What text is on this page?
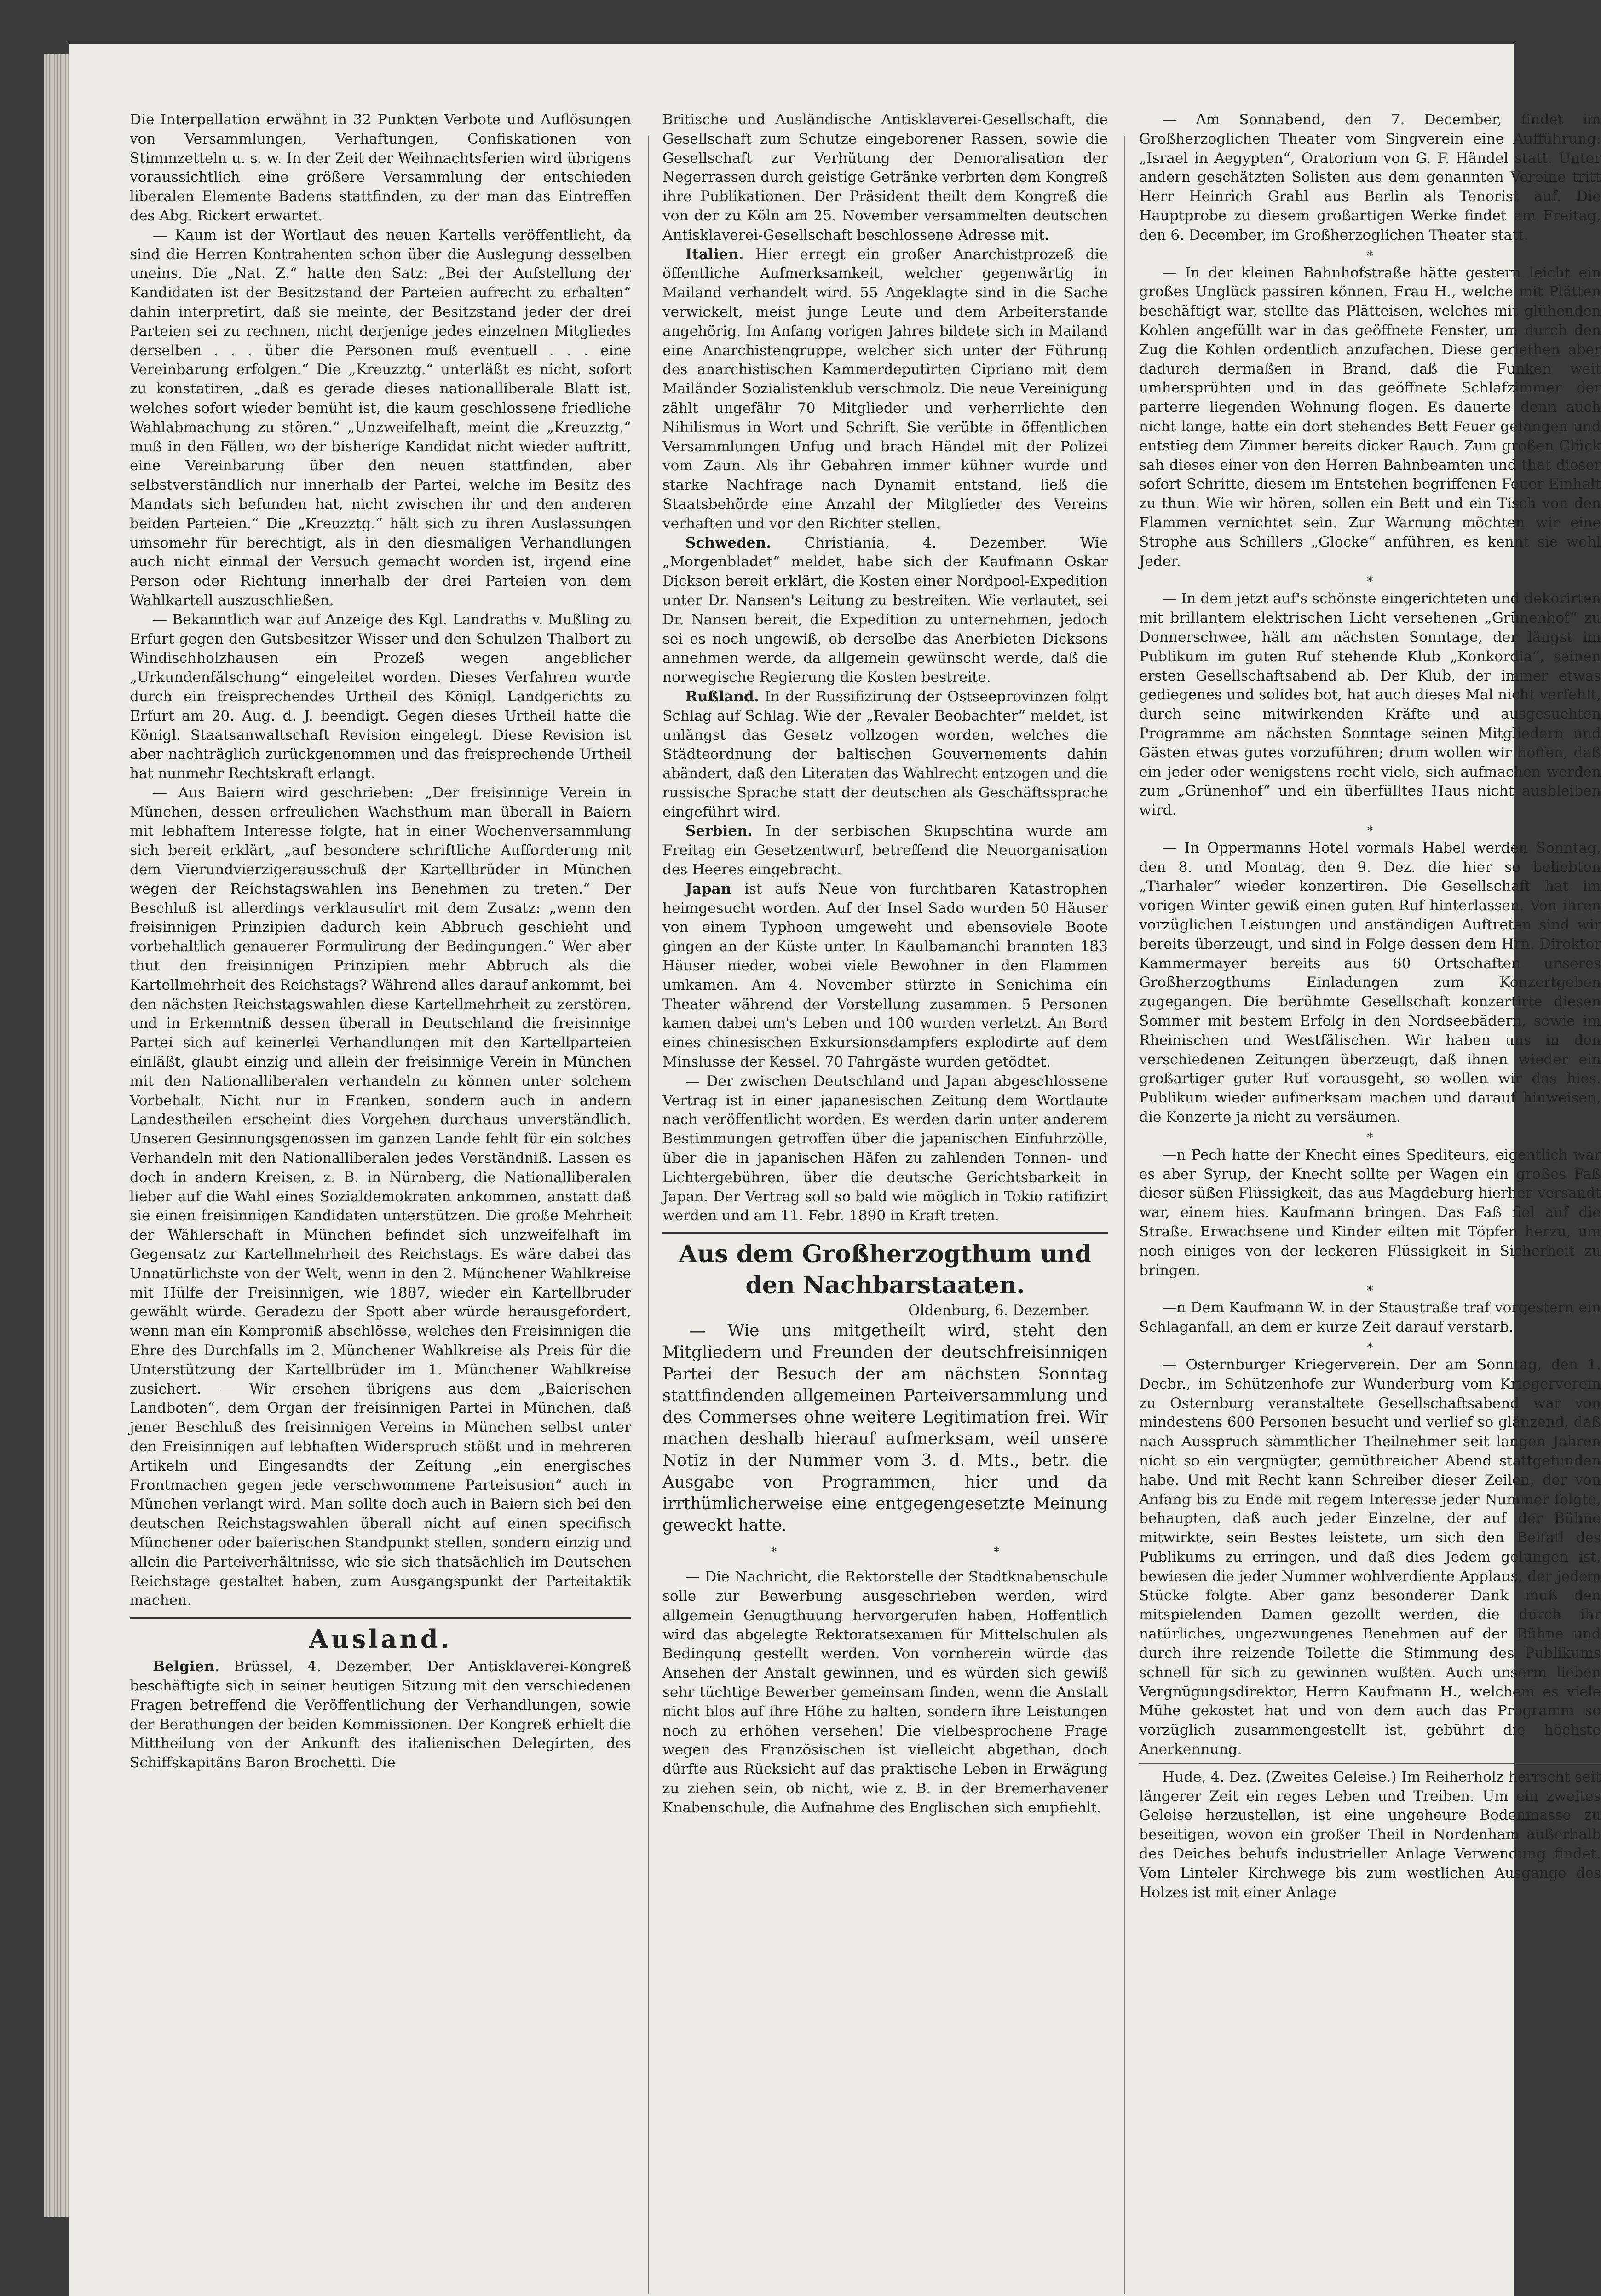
Die Interpellation erwähnt in 32 Punkten Verbote und Auflösungen von Versammlungen, Verhaftungen, Confiskationen von Stimmzetteln u. s. w. In der Zeit der Weihnachtsferien wird übrigens voraussichtlich eine größere Versammlung der entschieden liberalen Elemente Badens stattfinden, zu der man das Eintreffen des Abg. Rickert erwartet.

— Kaum ist der Wortlaut des neuen Kartells veröffentlicht, da sind die Herren Kontrahenten schon über die Auslegung desselben uneins. Die „Nat. Z.“ hatte den Satz: „Bei der Aufstellung der Kandidaten ist der Besitzstand der Parteien aufrecht zu erhalten“ dahin interpretirt, daß sie meinte, der Besitzstand jeder der drei Parteien sei zu rechnen, nicht derjenige jedes einzelnen Mitgliedes derselben . . . über die Personen muß eventuell . . . eine Vereinbarung erfolgen.“ Die „Kreuzztg.“ unterläßt es nicht, sofort zu konstatiren, „daß es gerade dieses nationalliberale Blatt ist, welches sofort wieder bemüht ist, die kaum geschlossene friedliche Wahlabmachung zu stören.“ „Unzweifelhaft, meint die „Kreuzztg.“ muß in den Fällen, wo der bisherige Kandidat nicht wieder auftritt, eine Vereinbarung über den neuen stattfinden, aber selbstverständlich nur innerhalb der Partei, welche im Besitz des Mandats sich befunden hat, nicht zwischen ihr und den anderen beiden Parteien.“ Die „Kreuzztg.“ hält sich zu ihren Auslassungen umsomehr für berechtigt, als in den diesmaligen Verhandlungen auch nicht einmal der Versuch gemacht worden ist, irgend eine Person oder Richtung innerhalb der drei Parteien von dem Wahlkartell auszuschließen.

— Bekanntlich war auf Anzeige des Kgl. Landraths v. Mußling zu Erfurt gegen den Gutsbesitzer Wisser und den Schulzen Thalbort zu Windischholzhausen ein Prozeß wegen angeblicher „Urkundenfälschung“ eingeleitet worden. Dieses Verfahren wurde durch ein freisprechendes Urtheil des Königl. Landgerichts zu Erfurt am 20. Aug. d. J. beendigt. Gegen dieses Urtheil hatte die Königl. Staatsanwaltschaft Revision eingelegt. Diese Revision ist aber nachträglich zurückgenommen und das freisprechende Urtheil hat nunmehr Rechtskraft erlangt.

— Aus Baiern wird geschrieben: „Der freisinnige Verein in München, dessen erfreulichen Wachsthum man überall in Baiern mit lebhaftem Interesse folgte, hat in einer Wochenversammlung sich bereit erklärt, „auf besondere schriftliche Aufforderung mit dem Vierundvierzigerausschuß der Kartellbrüder in München wegen der Reichstagswahlen ins Benehmen zu treten.“ Der Beschluß ist allerdings verklausulirt mit dem Zusatz: „wenn den freisinnigen Prinzipien dadurch kein Abbruch geschieht und vorbehaltlich genauerer Formulirung der Bedingungen.“ Wer aber thut den freisinnigen Prinzipien mehr Abbruch als die Kartellmehrheit des Reichstags? Während alles darauf ankommt, bei den nächsten Reichstagswahlen diese Kartellmehrheit zu zerstören, und in Erkenntniß dessen überall in Deutschland die freisinnige Partei sich auf keinerlei Verhandlungen mit den Kartellparteien einläßt, glaubt einzig und allein der freisinnige Verein in München mit den Nationalliberalen verhandeln zu können unter solchem Vorbehalt. Nicht nur in Franken, sondern auch in andern Landestheilen erscheint dies Vorgehen durchaus unverständlich. Unseren Gesinnungsgenossen im ganzen Lande fehlt für ein solches Verhandeln mit den Nationalliberalen jedes Verständniß. Lassen es doch in andern Kreisen, z. B. in Nürnberg, die Nationalliberalen lieber auf die Wahl eines Sozialdemokraten ankommen, anstatt daß sie einen freisinnigen Kandidaten unterstützen. Die große Mehrheit der Wählerschaft in München befindet sich unzweifelhaft im Gegensatz zur Kartellmehrheit des Reichstags. Es wäre dabei das Unnatürlichste von der Welt, wenn in den 2. Münchener Wahlkreise mit Hülfe der Freisinnigen, wie 1887, wieder ein Kartellbruder gewählt würde. Geradezu der Spott aber würde herausgefordert, wenn man ein Kompromiß abschlösse, welches den Freisinnigen die Ehre des Durchfalls im 2. Münchener Wahlkreise als Preis für die Unterstützung der Kartellbrüder im 1. Münchener Wahlkreise zusichert. — Wir ersehen übrigens aus dem „Baierischen Landboten“, dem Organ der freisinnigen Partei in München, daß jener Beschluß des freisinnigen Vereins in München selbst unter den Freisinnigen auf lebhaften Widerspruch stößt und in mehreren Artikeln und Eingesandts der Zeitung „ein energisches Frontmachen gegen jede verschwommene Parteisusion“ auch in München verlangt wird. Man sollte doch auch in Baiern sich bei den deutschen Reichstagswahlen überall nicht auf einen specifisch Münchener oder baierischen Standpunkt stellen, sondern einzig und allein die Parteiverhältnisse, wie sie sich thatsächlich im Deutschen Reichstage gestaltet haben, zum Ausgangspunkt der Parteitaktik machen.

Ausland.

Belgien. Brüssel, 4. Dezember. Der Antisklaverei-Kongreß beschäftigte sich in seiner heutigen Sitzung mit den verschiedenen Fragen betreffend die Veröffentlichung der Verhandlungen, sowie der Berathungen der beiden Kommissionen. Der Kongreß erhielt die Mittheilung von der Ankunft des italienischen Delegirten, des Schiffskapitäns Baron Brochetti. Die

Britische und Ausländische Antisklaverei-Gesellschaft, die Gesellschaft zum Schutze eingeborener Rassen, sowie die Gesellschaft zur Verhütung der Demoralisation der Negerrassen durch geistige Getränke verbrten dem Kongreß ihre Publikationen. Der Präsident theilt dem Kongreß die von der zu Köln am 25. November versammelten deutschen Antisklaverei-Gesellschaft beschlossene Adresse mit.

Italien. Hier erregt ein großer Anarchistprozeß die öffentliche Aufmerksamkeit, welcher gegenwärtig in Mailand verhandelt wird. 55 Angeklagte sind in die Sache verwickelt, meist junge Leute und dem Arbeiterstande angehörig. Im Anfang vorigen Jahres bildete sich in Mailand eine Anarchistengruppe, welcher sich unter der Führung des anarchistischen Kammerdeputirten Cipriano mit dem Mailänder Sozialistenklub verschmolz. Die neue Vereinigung zählt ungefähr 70 Mitglieder und verherrlichte den Nihilismus in Wort und Schrift. Sie verübte in öffentlichen Versammlungen Unfug und brach Händel mit der Polizei vom Zaun. Als ihr Gebahren immer kühner wurde und starke Nachfrage nach Dynamit entstand, ließ die Staatsbehörde eine Anzahl der Mitglieder des Vereins verhaften und vor den Richter stellen.

Schweden. Christiania, 4. Dezember. Wie „Morgenbladet“ meldet, habe sich der Kaufmann Oskar Dickson bereit erklärt, die Kosten einer Nordpool-Expedition unter Dr. Nansen's Leitung zu bestreiten. Wie verlautet, sei Dr. Nansen bereit, die Expedition zu unternehmen, jedoch sei es noch ungewiß, ob derselbe das Anerbieten Dicksons annehmen werde, da allgemein gewünscht werde, daß die norwegische Regierung die Kosten bestreite.

Rußland. In der Russifizirung der Ostseeprovinzen folgt Schlag auf Schlag. Wie der „Revaler Beobachter“ meldet, ist unlängst das Gesetz vollzogen worden, welches die Städteordnung der baltischen Gouvernements dahin abändert, daß den Literaten das Wahlrecht entzogen und die russische Sprache statt der deutschen als Geschäftssprache eingeführt wird.

Serbien. In der serbischen Skupschtina wurde am Freitag ein Gesetzentwurf, betreffend die Neuorganisation des Heeres eingebracht.

Japan ist aufs Neue von furchtbaren Katastrophen heimgesucht worden. Auf der Insel Sado wurden 50 Häuser von einem Typhoon umgeweht und ebensoviele Boote gingen an der Küste unter. In Kaulbamanchi brannten 183 Häuser nieder, wobei viele Bewohner in den Flammen umkamen. Am 4. November stürzte in Senichima ein Theater während der Vorstellung zusammen. 5 Personen kamen dabei um's Leben und 100 wurden verletzt. An Bord eines chinesischen Exkursionsdampfers explodirte auf dem Minslusse der Kessel. 70 Fahrgäste wurden getödtet.

— Der zwischen Deutschland und Japan abgeschlossene Vertrag ist in einer japanesischen Zeitung dem Wortlaute nach veröffentlicht worden. Es werden darin unter anderem Bestimmungen getroffen über die japanischen Einfuhrzölle, über die in japanischen Häfen zu zahlenden Tonnen- und Lichtergebühren, über die deutsche Gerichtsbarkeit in Japan. Der Vertrag soll so bald wie möglich in Tokio ratifizirt werden und am 11. Febr. 1890 in Kraft treten.

Aus dem Großherzogthum und
den Nachbarstaaten.
Oldenburg, 6. Dezember.

— Wie uns mitgetheilt wird, steht den Mitgliedern und Freunden der deutschfreisinnigen Partei der Besuch der am nächsten Sonntag stattfindenden allgemeinen Parteiversammlung und des Commerses ohne weitere Legitimation frei. Wir machen deshalb hierauf aufmerksam, weil unsere Notiz in der Nummer vom 3. d. Mts., betr. die Ausgabe von Programmen, hier und da irrthümlicherweise eine entgegengesetzte Meinung geweckt hatte.

*	*

— Die Nachricht, die Rektorstelle der Stadtknabenschule solle zur Bewerbung ausgeschrieben werden, wird allgemein Genugthuung hervorgerufen haben. Hoffentlich wird das abgelegte Rektoratsexamen für Mittelschulen als Bedingung gestellt werden. Von vornherein würde das Ansehen der Anstalt gewinnen, und es würden sich gewiß sehr tüchtige Bewerber gemeinsam finden, wenn die Anstalt nicht blos auf ihre Höhe zu halten, sondern ihre Leistungen noch zu erhöhen versehen! Die vielbesprochene Frage wegen des Französischen ist vielleicht abgethan, doch dürfte aus Rücksicht auf das praktische Leben in Erwägung zu ziehen sein, ob nicht, wie z. B. in der Bremerhavener Knabenschule, die Aufnahme des Englischen sich empfiehlt.

— Am Sonnabend, den 7. December, findet im Großherzoglichen Theater vom Singverein eine Aufführung: „Israel in Aegypten“, Oratorium von G. F. Händel statt. Unter andern geschätzten Solisten aus dem genannten Vereine tritt Herr Heinrich Grahl aus Berlin als Tenorist auf. Die Hauptprobe zu diesem großartigen Werke findet am Freitag, den 6. December, im Großherzoglichen Theater statt.

*

— In der kleinen Bahnhofstraße hätte gestern leicht ein großes Unglück passiren können. Frau H., welche mit Plätten beschäftigt war, stellte das Plätteisen, welches mit glühenden Kohlen angefüllt war in das geöffnete Fenster, um durch den Zug die Kohlen ordentlich anzufachen. Diese geriethen aber dadurch dermaßen in Brand, daß die Funken weit umhersprühten und in das geöffnete Schlafzimmer der parterre liegenden Wohnung flogen. Es dauerte denn auch nicht lange, hatte ein dort stehendes Bett Feuer gefangen und entstieg dem Zimmer bereits dicker Rauch. Zum großen Glück sah dieses einer von den Herren Bahnbeamten und that dieser sofort Schritte, diesem im Entstehen begriffenen Feuer Einhalt zu thun. Wie wir hören, sollen ein Bett und ein Tisch von den Flammen vernichtet sein. Zur Warnung möchten wir eine Strophe aus Schillers „Glocke“ anführen, es kennt sie wohl Jeder.

*

— In dem jetzt auf's schönste eingerichteten und dekorirten mit brillantem elektrischen Licht versehenen „Grünenhof“ zu Donnerschwee, hält am nächsten Sonntage, der längst im Publikum im guten Ruf stehende Klub „Konkordia“, seinen ersten Gesellschaftsabend ab. Der Klub, der immer etwas gediegenes und solides bot, hat auch dieses Mal nicht verfehlt, durch seine mitwirkenden Kräfte und ausgesuchten Programme am nächsten Sonntage seinen Mitgliedern und Gästen etwas gutes vorzuführen; drum wollen wir hoffen, daß ein jeder oder wenigstens recht viele, sich aufmachen werden zum „Grünenhof“ und ein überfülltes Haus nicht ausbleiben wird.

*

— In Oppermanns Hotel vormals Habel werden Sonntag, den 8. und Montag, den 9. Dez. die hier so beliebten „Tiarhaler“ wieder konzertiren. Die Gesellschaft hat im vorigen Winter gewiß einen guten Ruf hinterlassen. Von ihren vorzüglichen Leistungen und anständigen Auftreten sind wir bereits überzeugt, und sind in Folge dessen dem Hrn. Direktor Kammermayer bereits aus 60 Ortschaften unseres Großherzogthums Einladungen zum Konzertgeben zugegangen. Die berühmte Gesellschaft konzertirte diesen Sommer mit bestem Erfolg in den Nordseebädern, sowie im Rheinischen und Westfälischen. Wir haben uns in den verschiedenen Zeitungen überzeugt, daß ihnen wieder ein großartiger guter Ruf vorausgeht, so wollen wir das hies. Publikum wieder aufmerksam machen und darauf hinweisen, die Konzerte ja nicht zu versäumen.

*

—n Pech hatte der Knecht eines Spediteurs, eigentlich war es aber Syrup, der Knecht sollte per Wagen ein großes Faß dieser süßen Flüssigkeit, das aus Magdeburg hierher versandt war, einem hies. Kaufmann bringen. Das Faß fiel auf die Straße. Erwachsene und Kinder eilten mit Töpfen herzu, um noch einiges von der leckeren Flüssigkeit in Sicherheit zu bringen.

*

—n Dem Kaufmann W. in der Staustraße traf vorgestern ein Schlaganfall, an dem er kurze Zeit darauf verstarb.

*

— Osternburger Kriegerverein. Der am Sonntag, den 1. Decbr., im Schützenhofe zur Wunderburg vom Kriegerverein zu Osternburg veranstaltete Gesellschaftsabend war von mindestens 600 Personen besucht und verlief so glänzend, daß nach Ausspruch sämmtlicher Theilnehmer seit langen Jahren nicht so ein vergnügter, gemüthreicher Abend stattgefunden habe. Und mit Recht kann Schreiber dieser Zeilen, der von Anfang bis zu Ende mit regem Interesse jeder Nummer folgte, behaupten, daß auch jeder Einzelne, der auf der Bühne mitwirkte, sein Bestes leistete, um sich den Beifall des Publikums zu erringen, und daß dies Jedem gelungen ist, bewiesen die jeder Nummer wohlverdiente Applaus, der jedem Stücke folgte. Aber ganz besonderer Dank muß den mitspielenden Damen gezollt werden, die durch ihr natürliches, ungezwungenes Benehmen auf der Bühne und durch ihre reizende Toilette die Stimmung des Publikums schnell für sich zu gewinnen wußten. Auch unserm lieben Vergnügungsdirektor, Herrn Kaufmann H., welchem es viele Mühe gekostet hat und von dem auch das Programm so vorzüglich zusammengestellt ist, gebührt die höchste Anerkennung.

Hude, 4. Dez. (Zweites Geleise.) Im Reiherholz herrscht seit längerer Zeit ein reges Leben und Treiben. Um ein zweites Geleise herzustellen, ist eine ungeheure Bodenmasse zu beseitigen, wovon ein großer Theil in Nordenham außerhalb des Deiches behufs industrieller Anlage Verwendung findet. Vom Linteler Kirchwege bis zum westlichen Ausgange des Holzes ist mit einer Anlage
